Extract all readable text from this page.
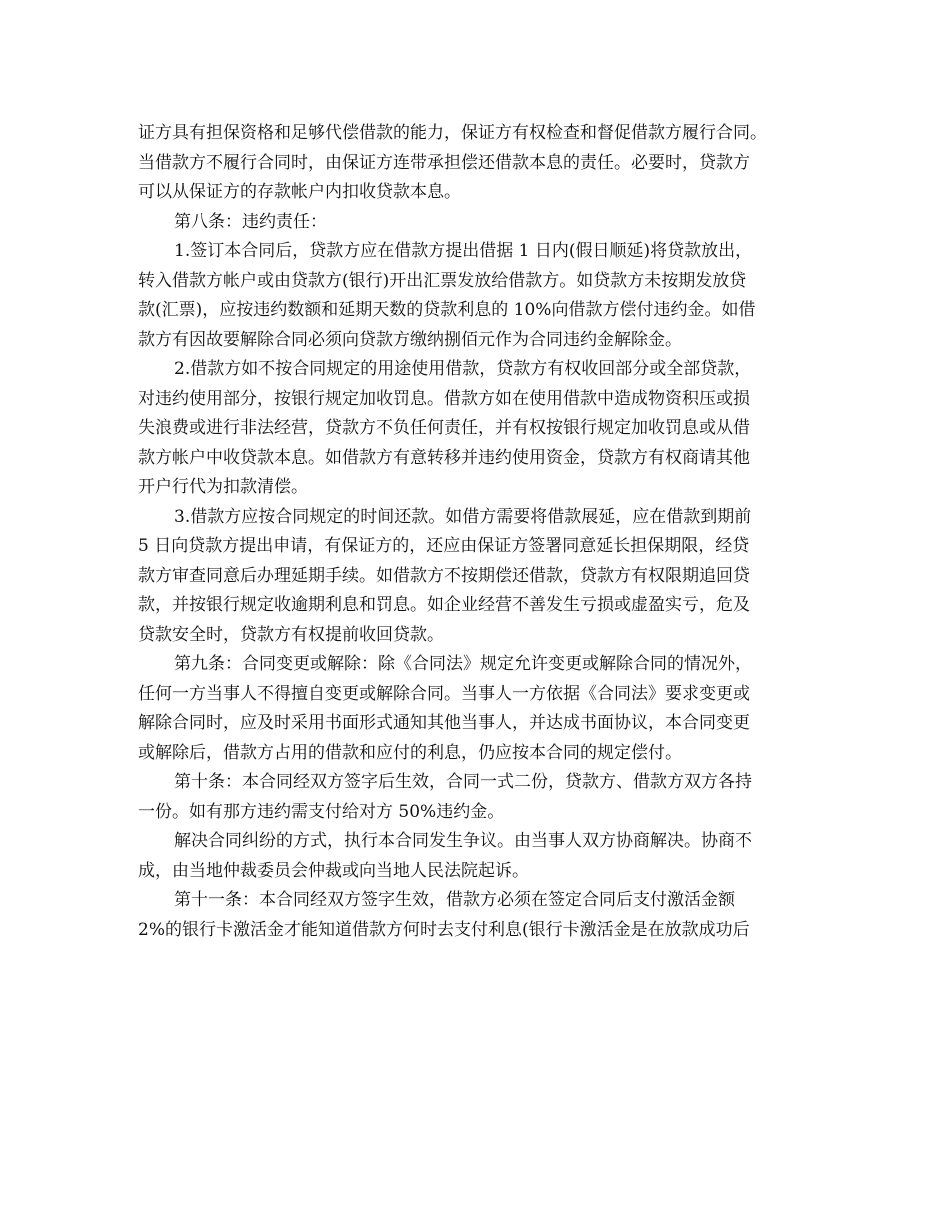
证方具有担保资格和足够代偿借款的能力，保证方有权检查和督促借款方履行合同。
当借款方不履行合同时，由保证方连带承担偿还借款本息的责任。必要时，贷款方
可以从保证方的存款帐户内扣收贷款本息。
第八条：违约责任：
1.签订本合同后，贷款方应在借款方提出借据 1 日内(假日顺延)将贷款放出，
转入借款方帐户或由贷款方(银行)开出汇票发放给借款方。如贷款方未按期发放贷
款(汇票)，应按违约数额和延期天数的贷款利息的 10%向借款方偿付违约金。如借
款方有因故要解除合同必须向贷款方缴纳捌佰元作为合同违约金解除金。
2.借款方如不按合同规定的用途使用借款，贷款方有权收回部分或全部贷款，
对违约使用部分，按银行规定加收罚息。借款方如在使用借款中造成物资积压或损
失浪费或进行非法经营，贷款方不负任何责任，并有权按银行规定加收罚息或从借
款方帐户中收贷款本息。如借款方有意转移并违约使用资金，贷款方有权商请其他
开户行代为扣款清偿。
3.借款方应按合同规定的时间还款。如借方需要将借款展延，应在借款到期前
5 日向贷款方提出申请，有保证方的，还应由保证方签署同意延长担保期限，经贷
款方审查同意后办理延期手续。如借款方不按期偿还借款，贷款方有权限期追回贷
款，并按银行规定收逾期利息和罚息。如企业经营不善发生亏损或虚盈实亏，危及
贷款安全时，贷款方有权提前收回贷款。
第九条：合同变更或解除：除《合同法》规定允许变更或解除合同的情况外，
任何一方当事人不得擅自变更或解除合同。当事人一方依据《合同法》要求变更或
解除合同时，应及时采用书面形式通知其他当事人，并达成书面协议，本合同变更
或解除后，借款方占用的借款和应付的利息，仍应按本合同的规定偿付。
第十条：本合同经双方签字后生效，合同一式二份，贷款方、借款方双方各持
一份。如有那方违约需支付给对方 50%违约金。
解决合同纠纷的方式，执行本合同发生争议。由当事人双方协商解决。协商不
成，由当地仲裁委员会仲裁或向当地人民法院起诉。
第十一条：本合同经双方签字生效，借款方必须在签定合同后支付激活金额
2%的银行卡激活金才能知道借款方何时去支付利息(银行卡激活金是在放款成功后
